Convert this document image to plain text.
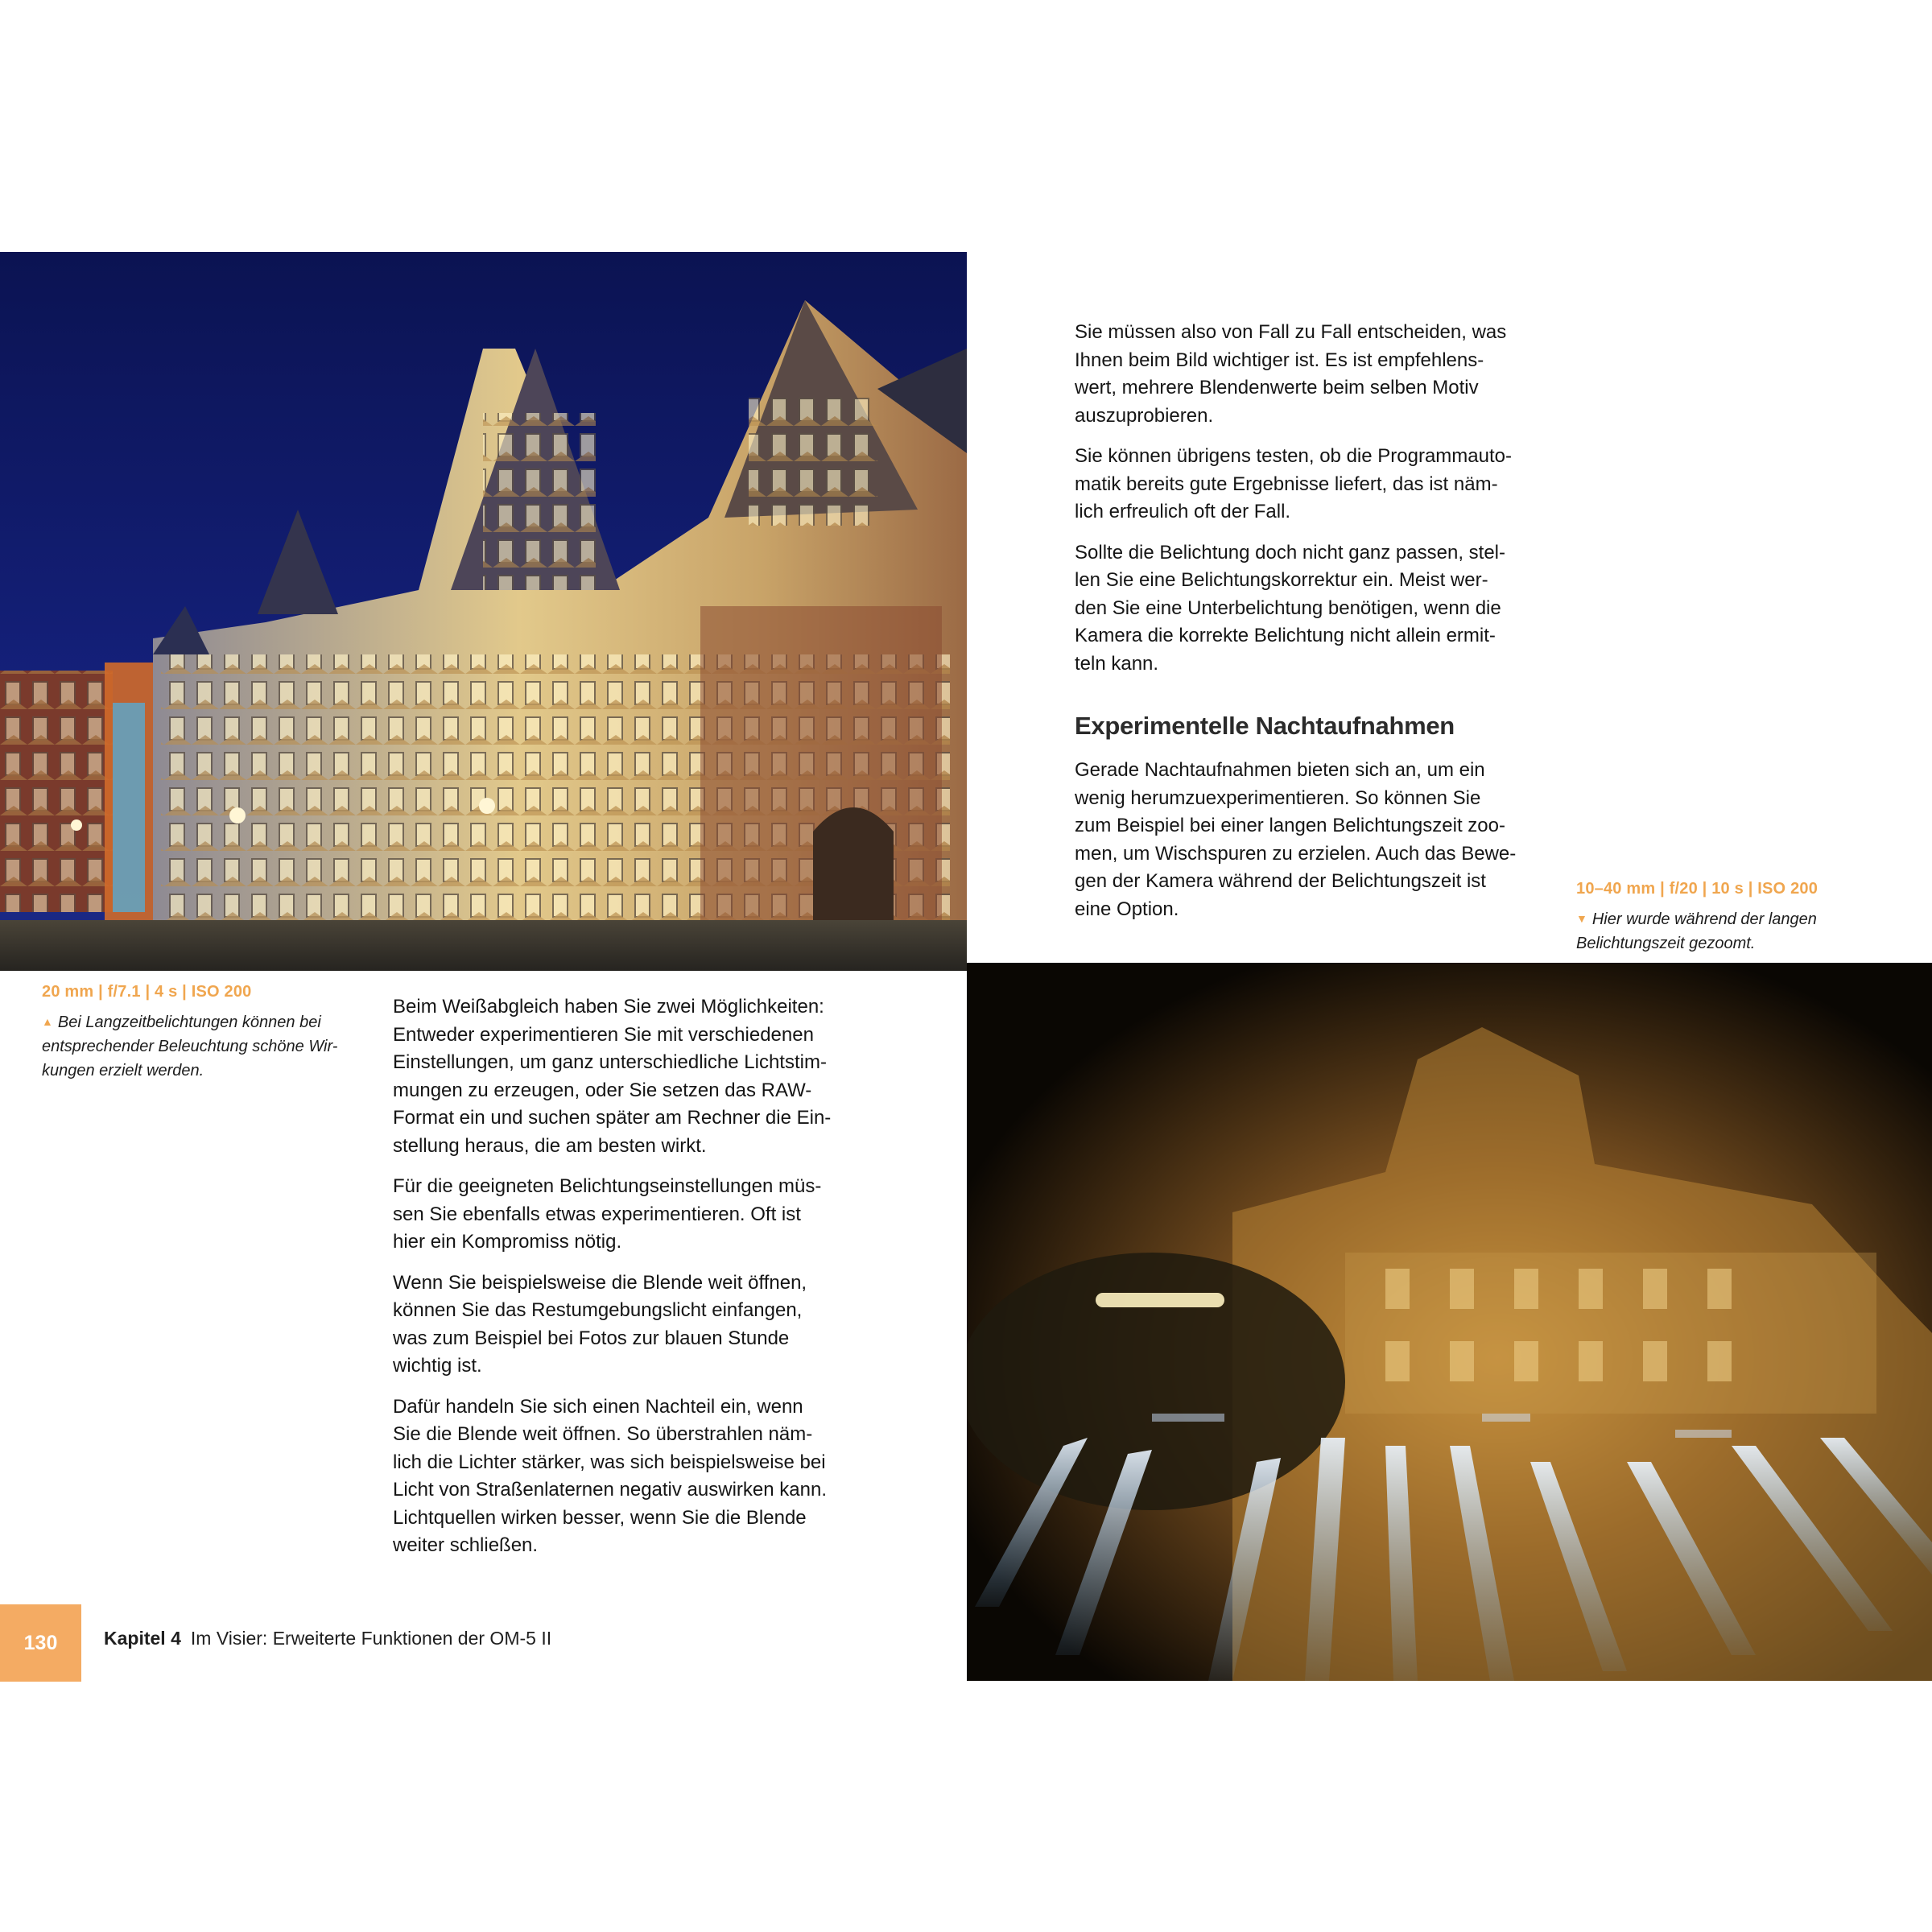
20 mm | f/7.1 | 4 s | ISO 200
▲ Bei Langzeitbelichtungen können bei
entsprechender Beleuchtung schöne Wir-
kungen erzielt werden.

Beim Weißabgleich haben Sie zwei Möglichkeiten:
Entweder experimentieren Sie mit verschiedenen
Einstellungen, um ganz unterschiedliche Lichtstim-
mungen zu erzeugen, oder Sie setzen das RAW-
Format ein und suchen später am Rechner die Ein-
stellung heraus, die am besten wirkt.

Für die geeigneten Belichtungseinstellungen müs-
sen Sie ebenfalls etwas experimentieren. Oft ist
hier ein Kompromiss nötig.

Wenn Sie beispielsweise die Blende weit öffnen,
können Sie das Restumgebungslicht einfangen,
was zum Beispiel bei Fotos zur blauen Stunde
wichtig ist.

Dafür handeln Sie sich einen Nachteil ein, wenn
Sie die Blende weit öffnen. So überstrahlen näm-
lich die Lichter stärker, was sich beispielsweise bei
Licht von Straßenlaternen negativ auswirken kann.
Lichtquellen wirken besser, wenn Sie die Blende
weiter schließen.

Sie müssen also von Fall zu Fall entscheiden, was
Ihnen beim Bild wichtiger ist. Es ist empfehlens-
wert, mehrere Blendenwerte beim selben Motiv
auszuprobieren.

Sie können übrigens testen, ob die Programmauto-
matik bereits gute Ergebnisse liefert, das ist näm-
lich erfreulich oft der Fall.

Sollte die Belichtung doch nicht ganz passen, stel-
len Sie eine Belichtungskorrektur ein. Meist wer-
den Sie eine Unterbelichtung benötigen, wenn die
Kamera die korrekte Belichtung nicht allein ermit-
teln kann.

Experimentelle Nachtaufnahmen

Gerade Nachtaufnahmen bieten sich an, um ein
wenig herumzuexperimentieren. So können Sie
zum Beispiel bei einer langen Belichtungszeit zoo-
men, um Wischspuren zu erzielen. Auch das Bewe-
gen der Kamera während der Belichtungszeit ist
eine Option.

10–40 mm | f/20 | 10 s | ISO 200
▼ Hier wurde während der langen
Belichtungszeit gezoomt.
130	Kapitel 4 Im Visier: Erweiterte Funktionen der OM-5 II
